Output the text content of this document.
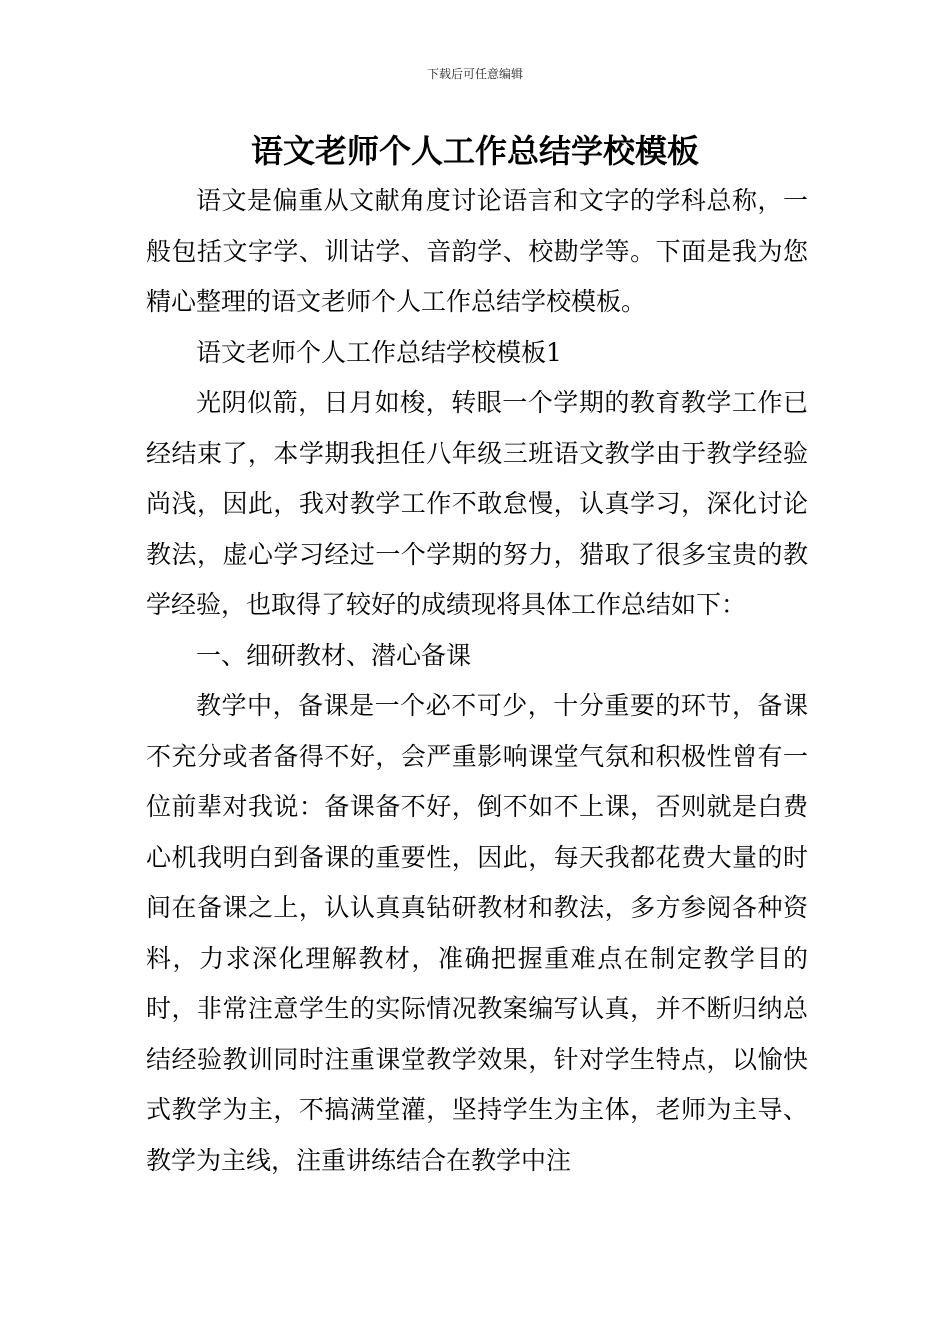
下载后可任意编辑
语文老师个人工作总结学校模板

语文是偏重从文献角度讨论语言和文字的学科总称，一般包括文字学、训诂学、音韵学、校勘学等。下面是我为您精心整理的语文老师个人工作总结学校模板。

语文老师个人工作总结学校模板1

光阴似箭，日月如梭，转眼一个学期的教育教学工作已经结束了，本学期我担任八年级三班语文教学由于教学经验尚浅，因此，我对教学工作不敢怠慢，认真学习，深化讨论教法，虚心学习经过一个学期的努力，猎取了很多宝贵的教学经验，也取得了较好的成绩现将具体工作总结如下：

一、细研教材、潜心备课

教学中，备课是一个必不可少，十分重要的环节，备课不充分或者备得不好，会严重影响课堂气氛和积极性曾有一位前辈对我说：备课备不好，倒不如不上课，否则就是白费心机我明白到备课的重要性，因此，每天我都花费大量的时间在备课之上，认认真真钻研教材和教法，多方参阅各种资料，力求深化理解教材，准确把握重难点在制定教学目的时，非常注意学生的实际情况教案编写认真，并不断归纳总结经验教训同时注重课堂教学效果，针对学生特点，以愉快式教学为主，不搞满堂灌，坚持学生为主体，老师为主导、教学为主线，注重讲练结合在教学中注
